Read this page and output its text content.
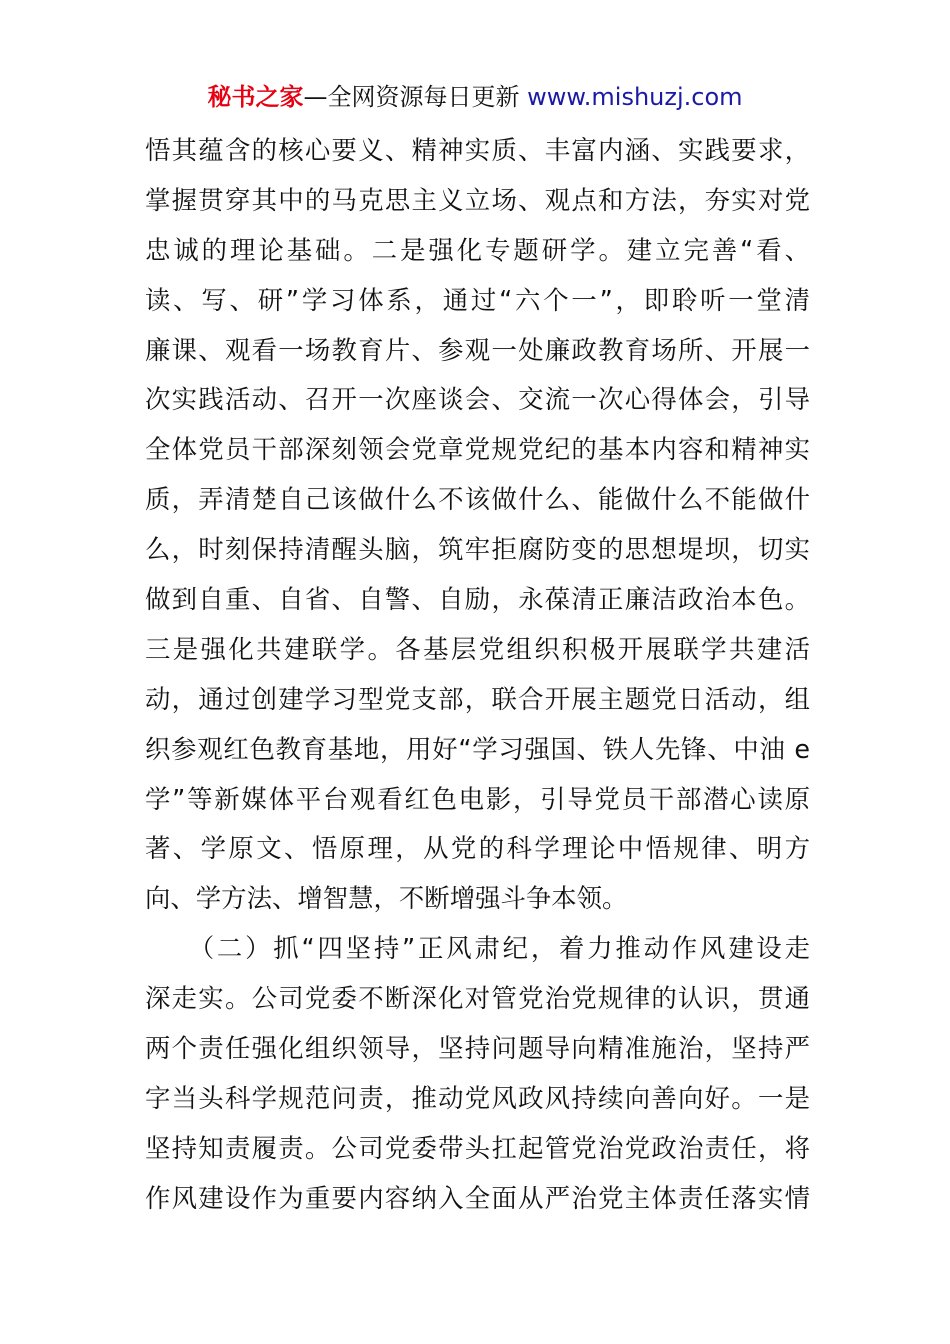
秘书之家—全网资源每日更新 www.mishuzj.com
悟其蕴含的核心要义、精神实质、丰富内涵、实践要求，
掌握贯穿其中的马克思主义立场、观点和方法，夯实对党
忠诚的理论基础。二是强化专题研学。建立完善“看、
读、写、研”学习体系，通过“六个一”，即聆听一堂清
廉课、观看一场教育片、参观一处廉政教育场所、开展一
次实践活动、召开一次座谈会、交流一次心得体会，引导
全体党员干部深刻领会党章党规党纪的基本内容和精神实
质，弄清楚自己该做什么不该做什么、能做什么不能做什
么，时刻保持清醒头脑，筑牢拒腐防变的思想堤坝，切实
做到自重、自省、自警、自励，永葆清正廉洁政治本色。
三是强化共建联学。各基层党组织积极开展联学共建活
动，通过创建学习型党支部，联合开展主题党日活动，组
织参观红色教育基地，用好“学习强国、铁人先锋、中油 e
学”等新媒体平台观看红色电影，引导党员干部潜心读原
著、学原文、悟原理，从党的科学理论中悟规律、明方
向、学方法、增智慧，不断增强斗争本领。
　　（二）抓“四坚持”正风肃纪，着力推动作风建设走
深走实。公司党委不断深化对管党治党规律的认识，贯通
两个责任强化组织领导，坚持问题导向精准施治，坚持严
字当头科学规范问责，推动党风政风持续向善向好。一是
坚持知责履责。公司党委带头扛起管党治党政治责任，将
作风建设作为重要内容纳入全面从严治党主体责任落实情
